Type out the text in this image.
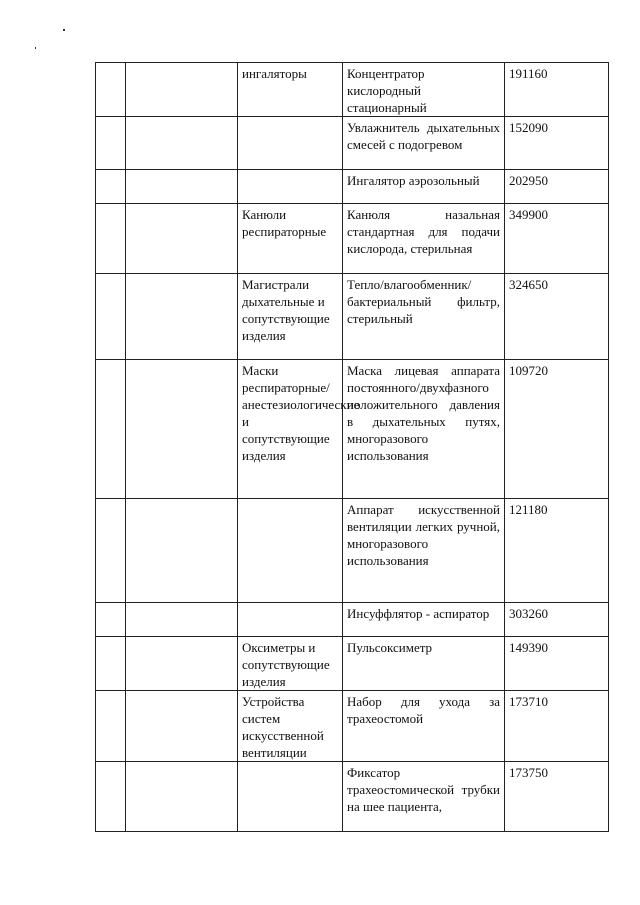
		ингаляторы	Концентратор кислородный стационарный	191160
			Увлажнитель дыхательных смесей с подогревом	152090
			Ингалятор аэрозольный	202950
		Канюли респираторные	Канюля назальная стандартная для подачи кислорода, стерильная	349900
		Магистрали дыхательные и сопутствующие изделия	Тепло/влагообменник/ бактериальный фильтр, стерильный	324650
		Маски респираторные/анестезиологические и сопутствующие изделия	Маска лицевая аппарата постоянного/двухфазного положительного давления в дыхательных путях, многоразового использования	109720
			Аппарат искусственной вентиляции легких ручной, многоразового использования	121180
			Инсуффлятор - аспиратор	303260
		Оксиметры и сопутствующие изделия	Пульсоксиметр	149390
		Устройства систем искусственной вентиляции	Набор для ухода за трахеостомой	173710
			Фиксатор трахеостомической трубки на шее пациента,	173750
